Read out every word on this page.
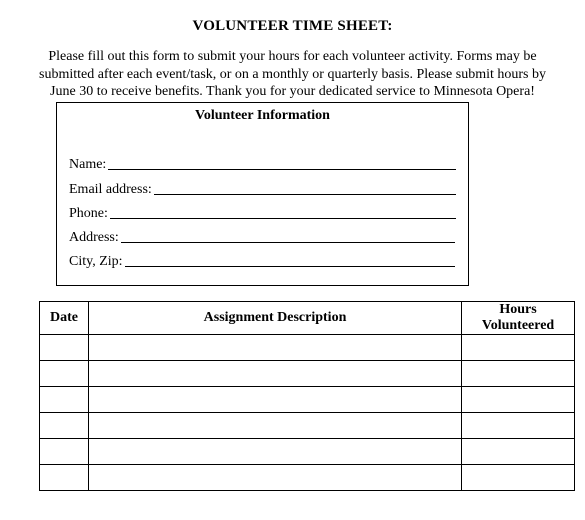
VOLUNTEER TIME SHEET:
Please fill out this form to submit your hours for each volunteer activity. Forms may be
submitted after each event/task, or on a monthly or quarterly basis. Please submit hours by
June 30 to receive benefits. Thank you for your dedicated service to Minnesota Opera!
Volunteer Information
Name:
Email address:
Phone:
Address:
City, Zip:
Date	Assignment Description	Hours
Volunteered
